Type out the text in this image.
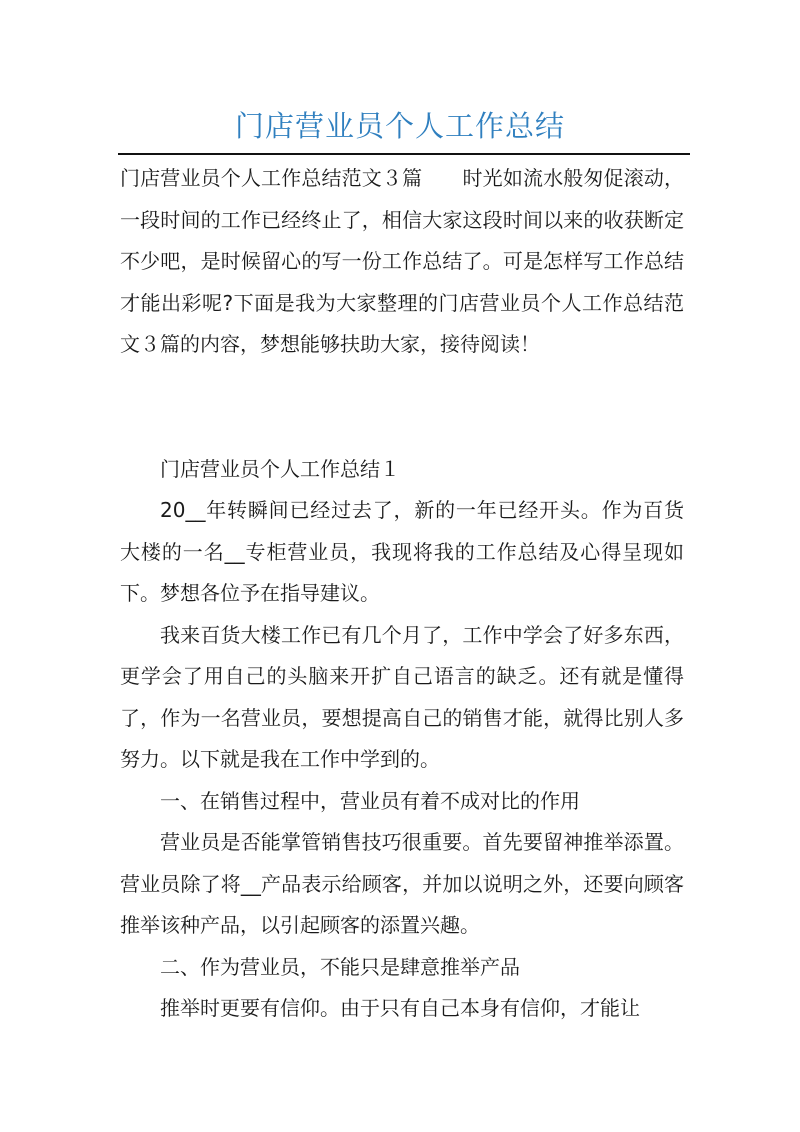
门店营业员个人工作总结

门店营业员个人工作总结范文３篇　　时光如流水般匆促滚动，一段时间的工作已经终止了，相信大家这段时间以来的收获断定不少吧，是时候留心的写一份工作总结了。可是怎样写工作总结才能出彩呢?下面是我为大家整理的门店营业员个人工作总结范文３篇的内容，梦想能够扶助大家，接待阅读！

门店营业员个人工作总结１

20__年转瞬间已经过去了，新的一年已经开头。作为百货大楼的一名__专柜营业员，我现将我的工作总结及心得呈现如下。梦想各位予在指导建议。

我来百货大楼工作已有几个月了，工作中学会了好多东西，更学会了用自己的头脑来开扩自己语言的缺乏。还有就是懂得了，作为一名营业员，要想提高自己的销售才能，就得比别人多努力。以下就是我在工作中学到的。

一、在销售过程中，营业员有着不成对比的作用

营业员是否能掌管销售技巧很重要。首先要留神推举添置。营业员除了将__产品表示给顾客，并加以说明之外，还要向顾客推举该种产品，以引起顾客的添置兴趣。

二、作为营业员，不能只是肆意推举产品

推举时更要有信仰。由于只有自己本身有信仰，才能让
